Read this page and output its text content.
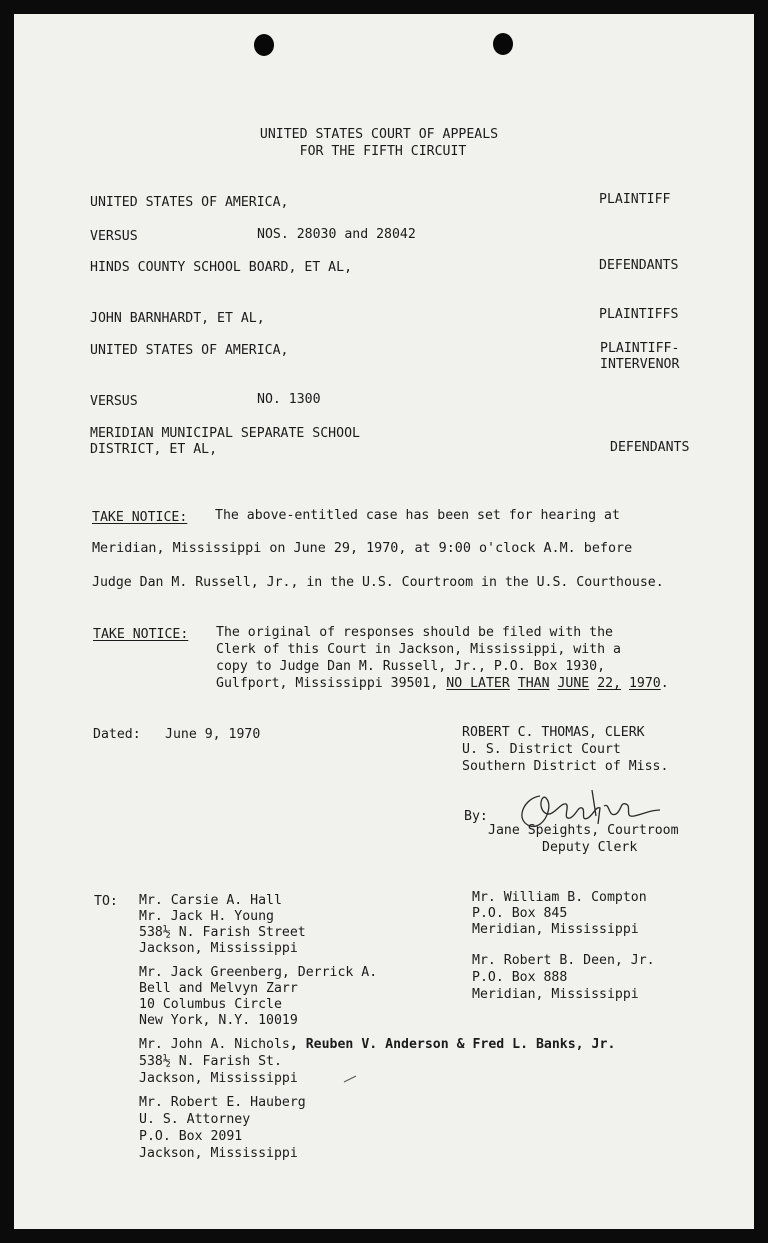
UNITED STATES COURT OF APPEALS
FOR THE FIFTH CIRCUIT
UNITED STATES OF AMERICA,	PLAINTIFF
VERSUS	NOS. 28030 and 28042
HINDS COUNTY SCHOOL BOARD, ET AL,	DEFENDANTS
JOHN BARNHARDT, ET AL,	PLAINTIFFS
UNITED STATES OF AMERICA,	PLAINTIFF-
INTERVENOR
VERSUS	NO. 1300
MERIDIAN MUNICIPAL SEPARATE SCHOOL
DISTRICT, ET AL,	DEFENDANTS
TAKE NOTICE: The above-entitled case has been set for hearing at
Meridian, Mississippi on June 29, 1970, at 9:00 o'clock A.M. before
Judge Dan M. Russell, Jr., in the U.S. Courtroom in the U.S. Courthouse.
TAKE NOTICE: The original of responses should be filed with the
Clerk of this Court in Jackson, Mississippi, with a
copy to Judge Dan M. Russell, Jr., P.O. Box 1930,
Gulfport, Mississippi 39501, NO LATER THAN JUNE 22, 1970.
Dated: June 9, 1970	ROBERT C. THOMAS, CLERK
U. S. District Court
Southern District of Miss.
By:
Jane Speights, Courtroom
Deputy Clerk
TO: Mr. Carsie A. Hall
Mr. Jack H. Young
538½ N. Farish Street
Jackson, Mississippi
Mr. Jack Greenberg, Derrick A.
Bell and Melvyn Zarr
10 Columbus Circle
New York, N.Y. 10019
Mr. John A. Nichols, Reuben V. Anderson & Fred L. Banks, Jr.
538½ N. Farish St.
Jackson, Mississippi
Mr. Robert E. Hauberg
U. S. Attorney
P.O. Box 2091
Jackson, Mississippi
Mr. William B. Compton
P.O. Box 845
Meridian, Mississippi
Mr. Robert B. Deen, Jr.
P.O. Box 888
Meridian, Mississippi
